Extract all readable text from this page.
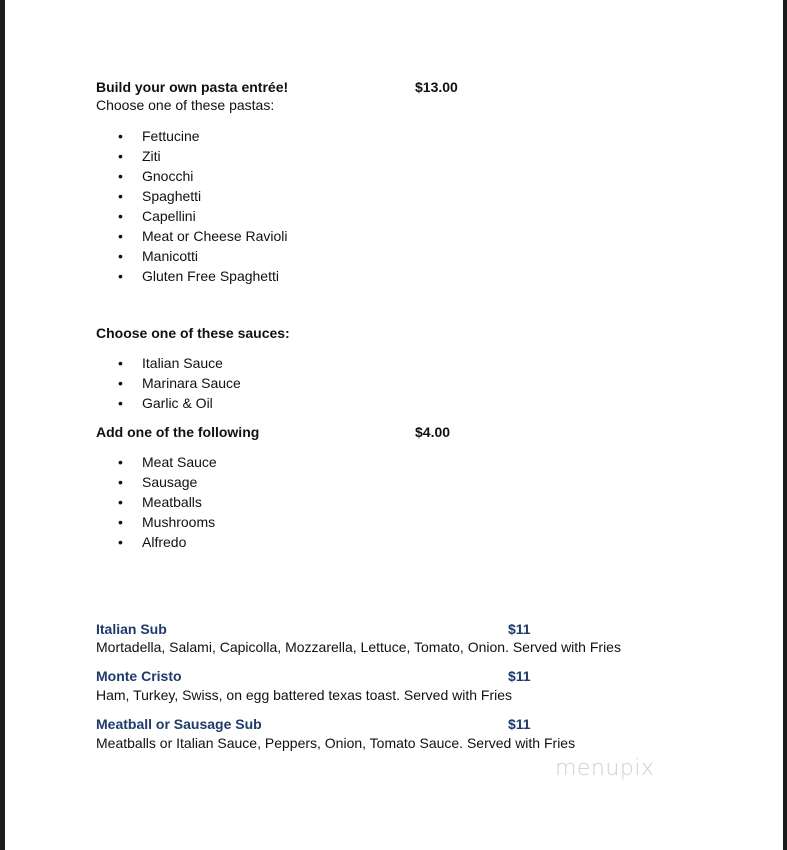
Build your own pasta entrée!	$13.00
Choose one of these pastas:
• Fettucine
• Ziti
• Gnocchi
• Spaghetti
• Capellini
• Meat or Cheese Ravioli
• Manicotti
• Gluten Free Spaghetti
Choose one of these sauces:
• Italian Sauce
• Marinara Sauce
• Garlic & Oil
Add one of the following	$4.00
• Meat Sauce
• Sausage
• Meatballs
• Mushrooms
• Alfredo
Italian Sub	$11
Mortadella, Salami, Capicolla, Mozzarella, Lettuce, Tomato, Onion. Served with Fries
Monte Cristo	$11
Ham, Turkey, Swiss, on egg battered texas toast. Served with Fries
Meatball or Sausage Sub	$11
Meatballs or Italian Sauce, Peppers, Onion, Tomato Sauce. Served with Fries
menupix
